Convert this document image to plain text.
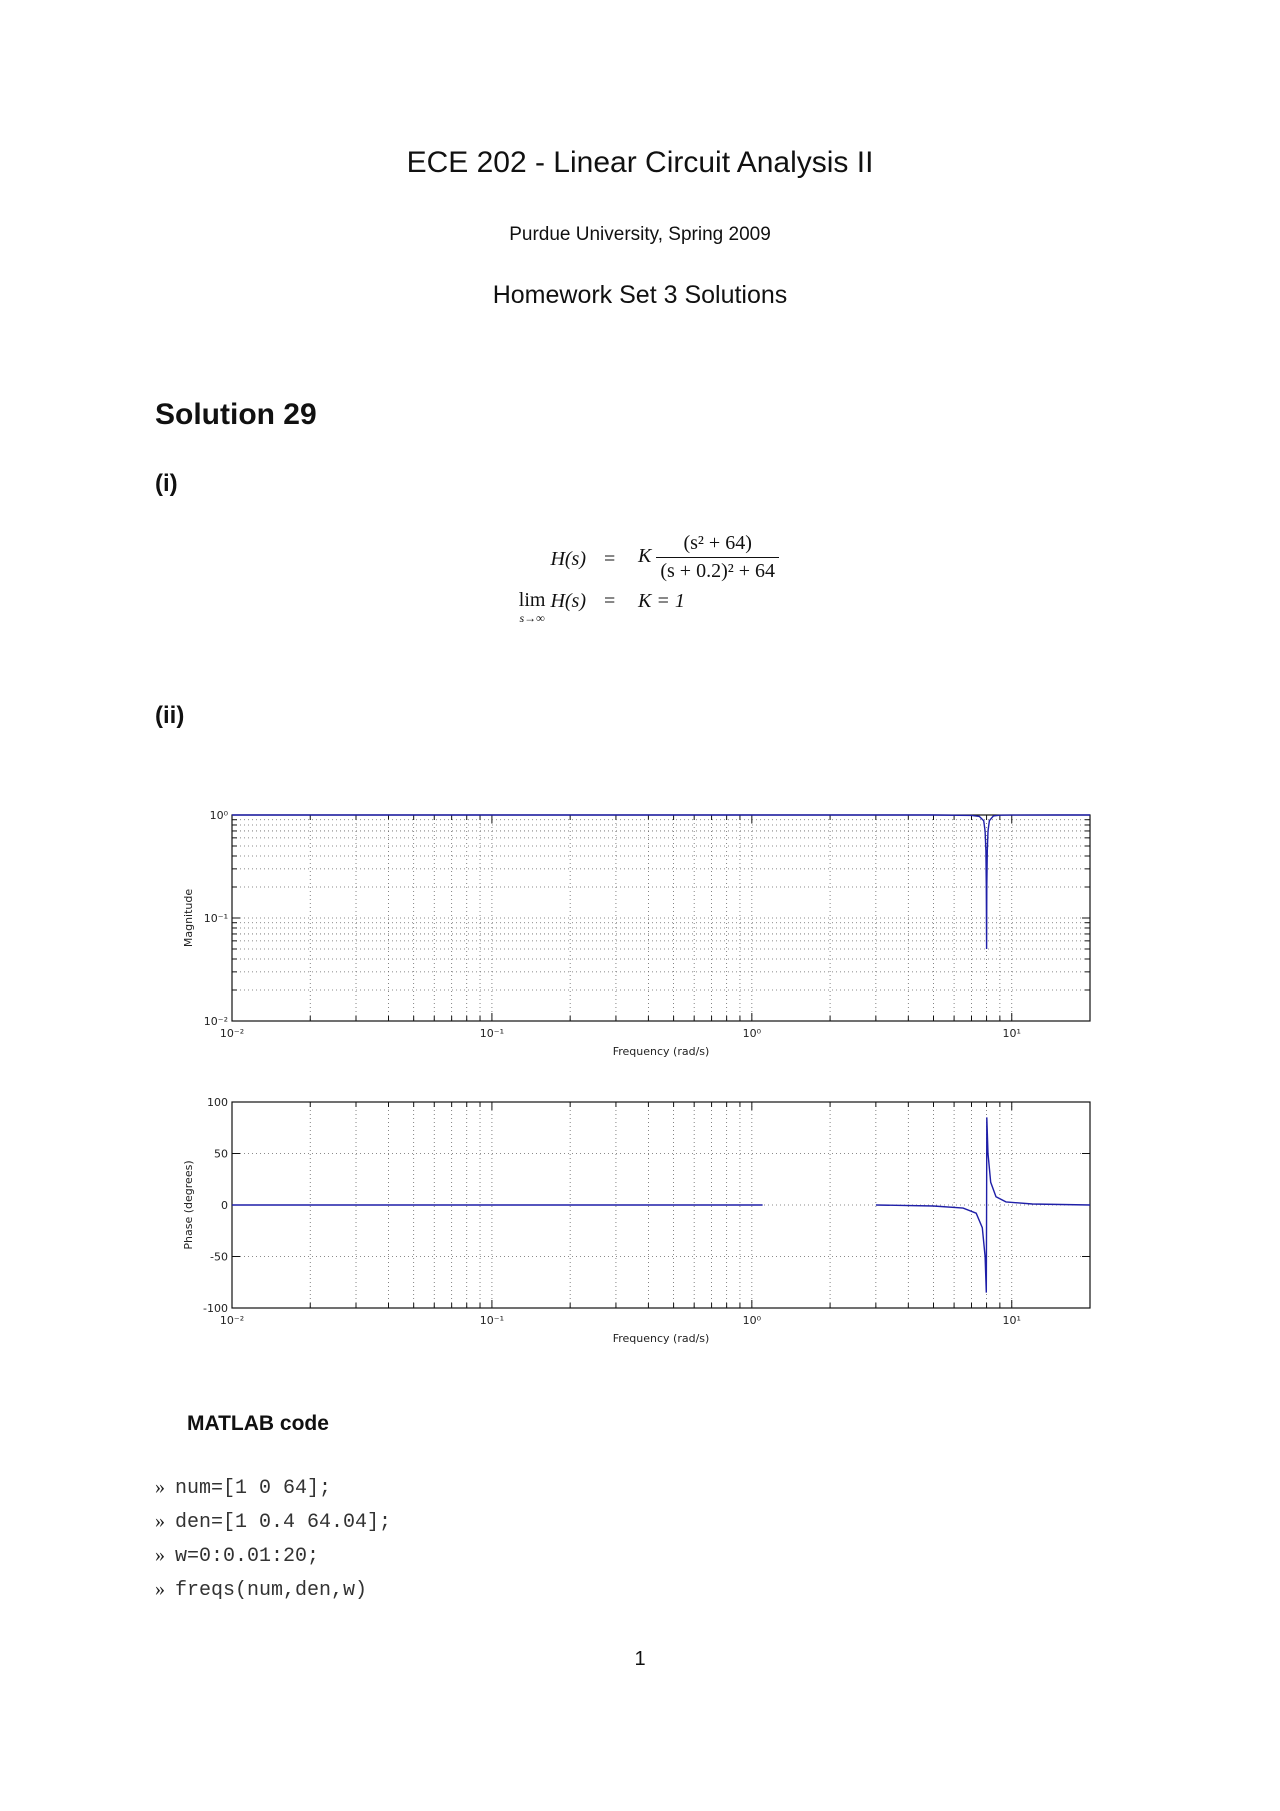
ECE 202 - Linear Circuit Analysis II
Purdue University, Spring 2009
Homework Set 3 Solutions
Solution 29
(i)
H(s) = K $\frac{\text{(s² + 64)}}{\text{(s + 0.2)² + 64}}$
lim
s→∞
H(s) = K = 1
(ii)
10⁻²	10⁻¹	10⁰	10¹
10⁰
10⁻¹
10⁻²
Frequency (rad/s)
Magnitude
10⁻²	10⁻¹	10⁰	10¹
100
50
0
-50
-100
Frequency (rad/s)
Phase (degrees)
MATLAB code
» num=[1 0 64];
» den=[1 0.4 64.04];
» w=0:0.01:20;
» freqs(num,den,w)
1
